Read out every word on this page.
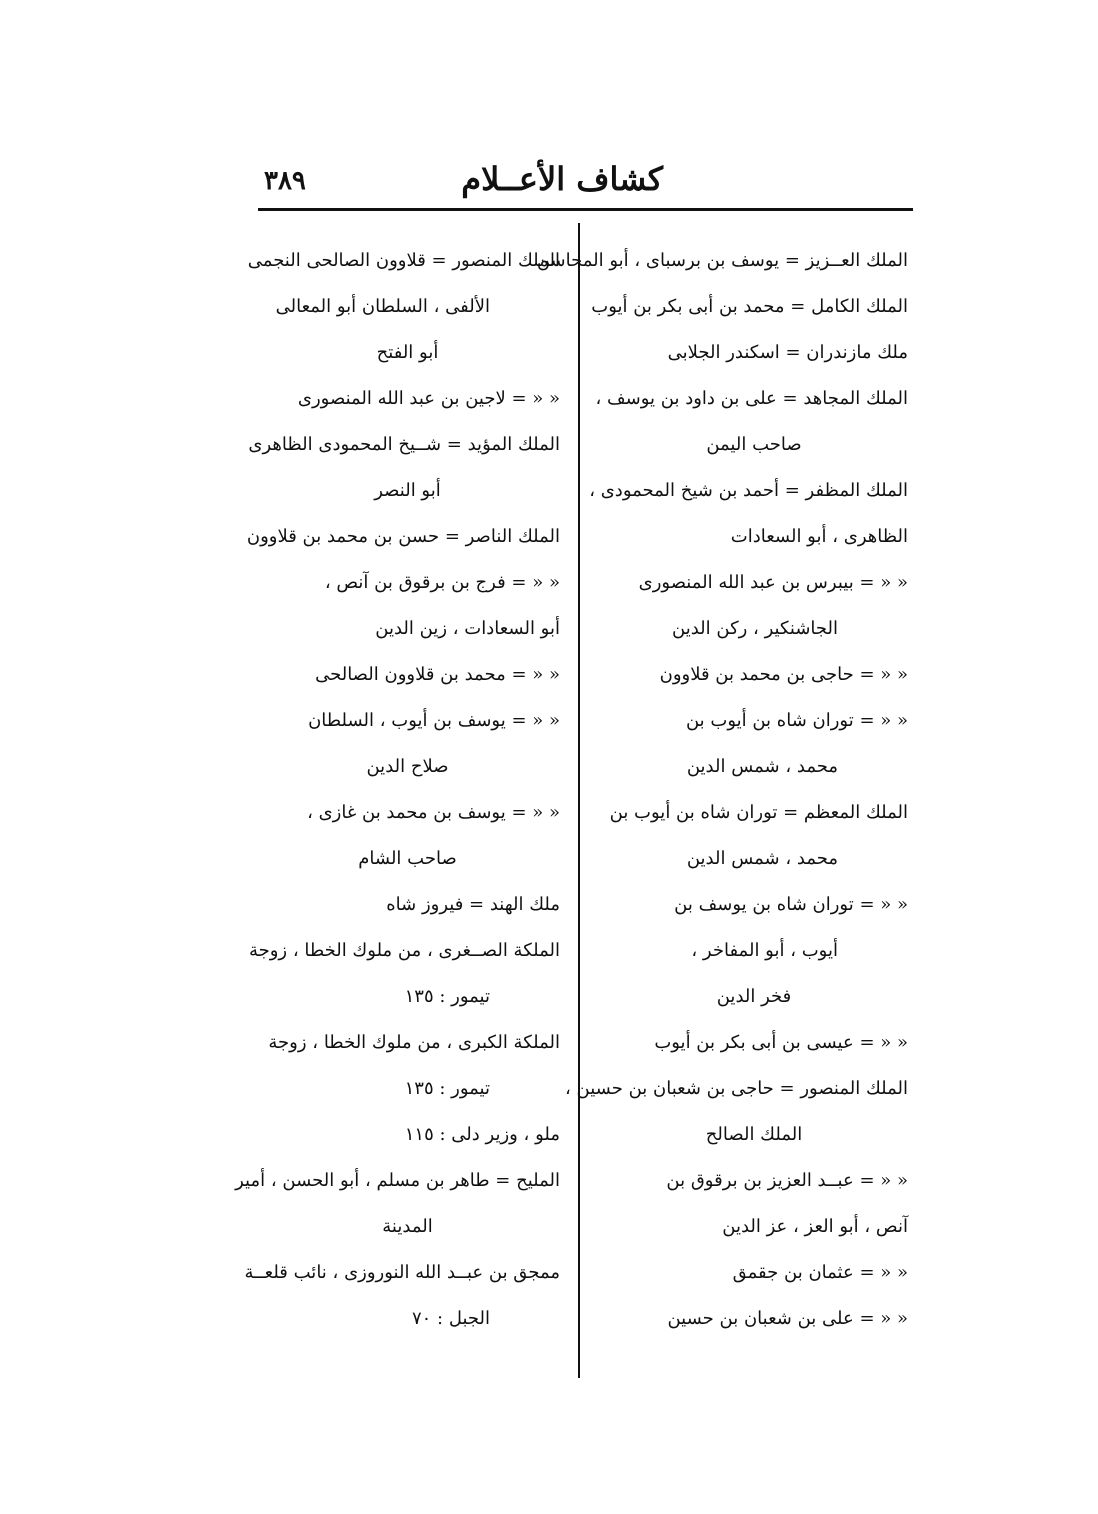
٣٨٩	كشاف الأعــلام
الملك العــزيز = يوسف بن برسباى ، أبو المحاسن
الملك الكامل = محمد بن أبى بكر بن أيوب
ملك مازندران = اسكندر الجلابى
الملك المجاهد = على بن داود بن يوسف ،
صاحب اليمن
الملك المظفر = أحمد بن شيخ المحمودى ،
الظاهرى ، أبو السعادات
« « = بيبرس بن عبد الله المنصورى
الجاشنكير ، ركن الدين
« « = حاجى بن محمد بن قلاوون
« « = توران شاه بن أيوب بن
محمد ، شمس الدين
الملك المعظم = توران شاه بن أيوب بن
محمد ، شمس الدين
« « = توران شاه بن يوسف بن
أيوب ، أبو المفاخر ،
فخر الدين
« « = عيسى بن أبى بكر بن أيوب
الملك المنصور = حاجى بن شعبان بن حسين ،
الملك الصالح
« « = عبــد العزيز بن برقوق بن
آنص ، أبو العز ، عز الدين
« « = عثمان بن جقمق
« « = على بن شعبان بن حسين
الملك المنصور = قلاوون الصالحى النجمى
الألفى ، السلطان أبو المعالى
أبو الفتح
« « = لاجين بن عبد الله المنصورى
الملك المؤيد = شــيخ المحمودى الظاهرى
أبو النصر
الملك الناصر = حسن بن محمد بن قلاوون
« « = فرج بن برقوق بن آنص ،
أبو السعادات ، زين الدين
« « = محمد بن قلاوون الصالحى
« « = يوسف بن أيوب ، السلطان
صلاح الدين
« « = يوسف بن محمد بن غازى ،
صاحب الشام
ملك الهند = فيروز شاه
الملكة الصــغرى ، من ملوك الخطا ، زوجة
تيمور : ١٣٥
الملكة الكبرى ، من ملوك الخطا ، زوجة
تيمور : ١٣٥
ملو ، وزير دلى : ١١٥
المليح = طاهر بن مسلم ، أبو الحسن ، أمير
المدينة
ممجق بن عبــد الله النوروزى ، نائب قلعــة
الجبل : ٧٠
